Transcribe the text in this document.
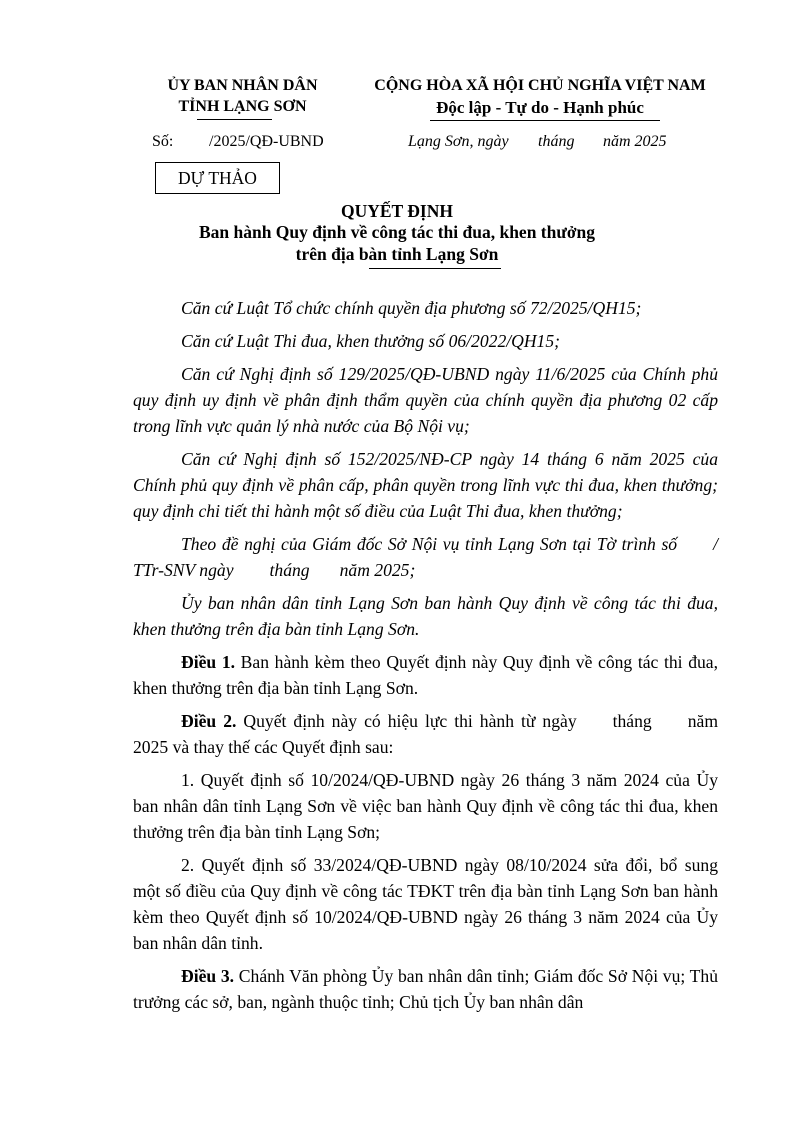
ỦY BAN NHÂN DÂN
TỈNH LẠNG SƠN
CỘNG HÒA XÃ HỘI CHỦ NGHĨA VIỆT NAM
Độc lập - Tự do - Hạnh phúc
Số: /2025/QĐ-UBND	Lạng Sơn, ngày tháng năm 2025
DỰ THẢO
QUYẾT ĐỊNH
Ban hành Quy định về công tác thi đua, khen thưởng
trên địa bàn tỉnh Lạng Sơn

Căn cứ Luật Tổ chức chính quyền địa phương số 72/2025/QH15;

Căn cứ Luật Thi đua, khen thưởng số 06/2022/QH15;

Căn cứ Nghị định số 129/2025/QĐ-UBND ngày 11/6/2025 của Chính phủ quy định uy định về phân định thẩm quyền của chính quyền địa phương 02 cấp trong lĩnh vực quản lý nhà nước của Bộ Nội vụ;

Căn cứ Nghị định số 152/2025/NĐ-CP ngày 14 tháng 6 năm 2025 của Chính phủ quy định về phân cấp, phân quyền trong lĩnh vực thi đua, khen thưởng; quy định chi tiết thi hành một số điều của Luật Thi đua, khen thưởng;

Theo đề nghị của Giám đốc Sở Nội vụ tỉnh Lạng Sơn tại Tờ trình số / TTr-SNV ngày tháng năm 2025;

Ủy ban nhân dân tỉnh Lạng Sơn ban hành Quy định về công tác thi đua, khen thưởng trên địa bàn tỉnh Lạng Sơn.

Điều 1. Ban hành kèm theo Quyết định này Quy định về công tác thi đua, khen thưởng trên địa bàn tỉnh Lạng Sơn.

Điều 2. Quyết định này có hiệu lực thi hành từ ngày tháng năm 2025 và thay thế các Quyết định sau:

1. Quyết định số 10/2024/QĐ-UBND ngày 26 tháng 3 năm 2024 của Ủy ban nhân dân tỉnh Lạng Sơn về việc ban hành Quy định về công tác thi đua, khen thưởng trên địa bàn tỉnh Lạng Sơn;

2. Quyết định số 33/2024/QĐ-UBND ngày 08/10/2024 sửa đổi, bổ sung một số điều của Quy định về công tác TĐKT trên địa bàn tỉnh Lạng Sơn ban hành kèm theo Quyết định số 10/2024/QĐ-UBND ngày 26 tháng 3 năm 2024 của Ủy ban nhân dân tỉnh.

Điều 3. Chánh Văn phòng Ủy ban nhân dân tỉnh; Giám đốc Sở Nội vụ; Thủ trưởng các sở, ban, ngành thuộc tỉnh; Chủ tịch Ủy ban nhân dân
